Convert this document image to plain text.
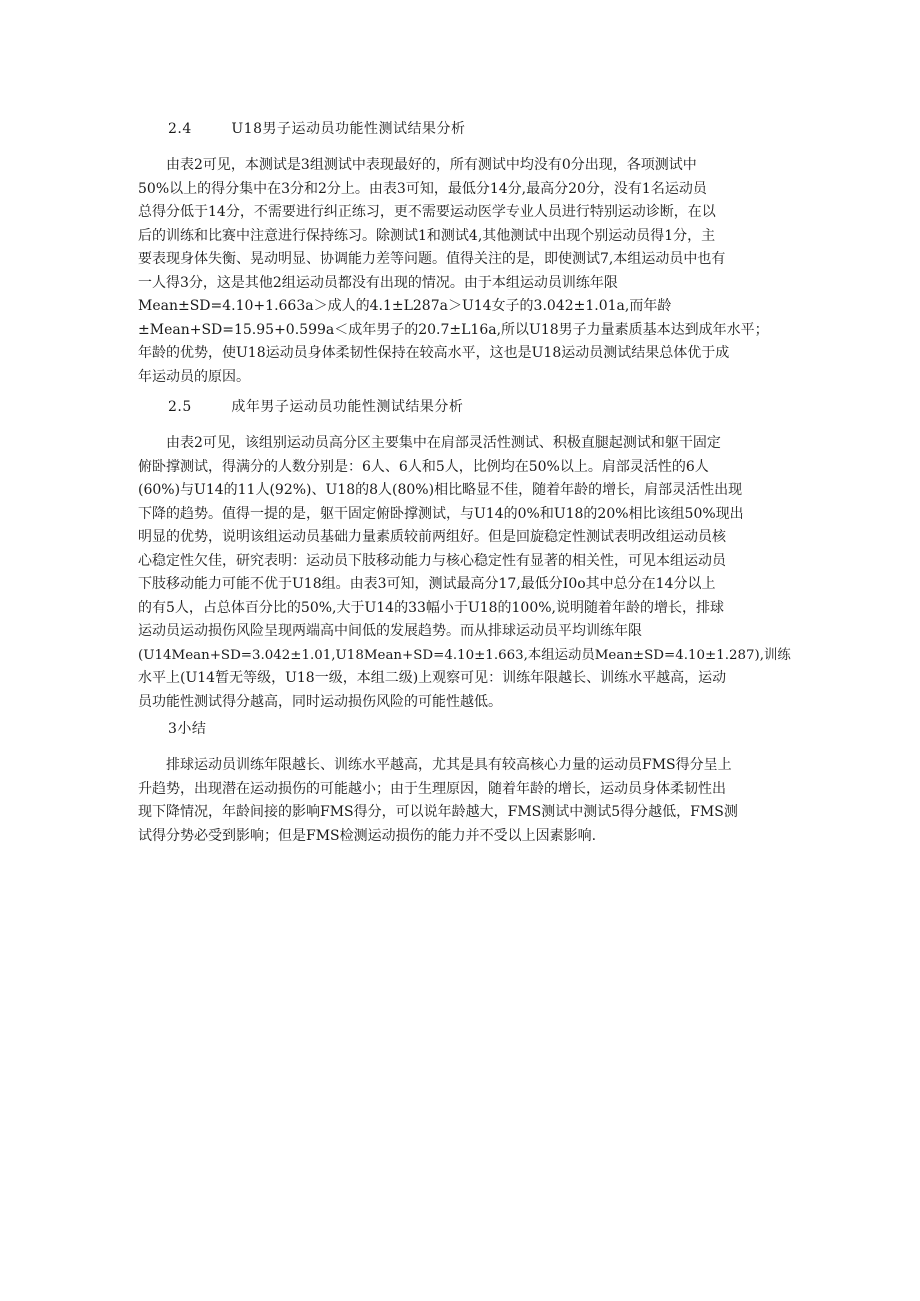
2.4        U18男子运动员功能性测试结果分析
由表2可见，本测试是3组测试中表现最好的，所有测试中均没有0分出现，各项测试中
50%以上的得分集中在3分和2分上。由表3可知，最低分14分,最高分20分，没有1名运动员
总得分低于14分，不需要进行纠正练习，更不需要运动医学专业人员进行特别运动诊断，在以
后的训练和比赛中注意进行保持练习。除测试1和测试4,其他测试中出现个别运动员得1分，主
要表现身体失衡、晃动明显、协调能力差等问题。值得关注的是，即使测试7,本组运动员中也有
一人得3分，这是其他2组运动员都没有出现的情况。由于本组运动员训练年限
Mean±SD=4.10+1.663a＞成人的4.1±L287a＞U14女子的3.042±1.01a,而年龄
±Mean+SD=15.95+0.599a＜成年男子的20.7±L16a,所以U18男子力量素质基本达到成年水平；
年龄的优势，使U18运动员身体柔韧性保持在较高水平，这也是U18运动员测试结果总体优于成
年运动员的原因。
2.5        成年男子运动员功能性测试结果分析
由表2可见，该组别运动员高分区主要集中在肩部灵活性测试、积极直腿起测试和躯干固定
俯卧撑测试，得满分的人数分别是：6人、6人和5人，比例均在50%以上。肩部灵活性的6人
(60%)与U14的11人(92%)、U18的8人(80%)相比略显不佳，随着年龄的增长，肩部灵活性出现
下降的趋势。值得一提的是，躯干固定俯卧撑测试，与U14的0%和U18的20%相比该组50%现出
明显的优势，说明该组运动员基础力量素质较前两组好。但是回旋稳定性测试表明改组运动员核
心稳定性欠佳，研究表明：运动员下肢移动能力与核心稳定性有显著的相关性，可见本组运动员
下肢移动能力可能不优于U18组。由表3可知，测试最高分17,最低分I0o其中总分在14分以上
的有5人，占总体百分比的50%,大于U14的33幅小于U18的100%,说明随着年龄的增长，排球
运动员运动损伤风险呈现两端高中间低的发展趋势。而从排球运动员平均训练年限
(U14Mean+SD=3.042±1.01,U18Mean+SD=4.10±1.663,本组运动员Mean±SD=4.10±1.287),训练
水平上(U14暂无等级，U18一级，本组二级)上观察可见：训练年限越长、训练水平越高，运动
员功能性测试得分越高，同时运动损伤风险的可能性越低。
3小结
排球运动员训练年限越长、训练水平越高，尤其是具有较高核心力量的运动员FMS得分呈上
升趋势，出现潜在运动损伤的可能越小；由于生理原因，随着年龄的增长，运动员身体柔韧性出
现下降情况，年龄间接的影响FMS得分，可以说年龄越大，FMS测试中测试5得分越低，FMS测
试得分势必受到影响；但是FMS检测运动损伤的能力并不受以上因素影响.
